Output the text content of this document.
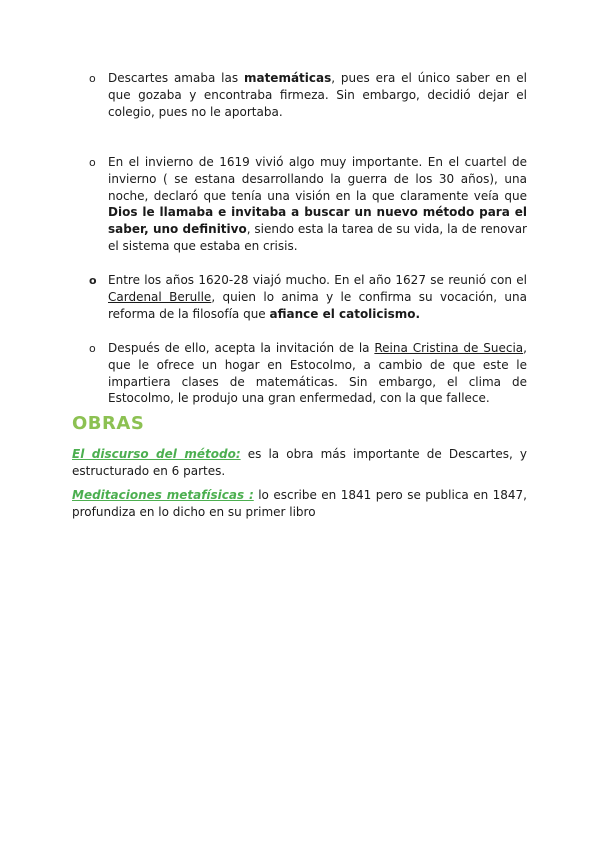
o Descartes amaba las matemáticas, pues era el único saber en el que gozaba y encontraba firmeza. Sin embargo, decidió dejar el colegio, pues no le aportaba.
o En el invierno de 1619 vivió algo muy importante. En el cuartel de invierno ( se estana desarrollando la guerra de los 30 años), una noche, declaró que tenía una visión en la que claramente veía que Dios le llamaba e invitaba a buscar un nuevo método para el saber, uno definitivo, siendo esta la tarea de su vida, la de renovar el sistema que estaba en crisis.
o Entre los años 1620-28 viajó mucho. En el año 1627 se reunió con el Cardenal Berulle, quien lo anima y le confirma su vocación, una reforma de la filosofía que afiance el catolicismo.
o Después de ello, acepta la invitación de la Reina Cristina de Suecia, que le ofrece un hogar en Estocolmo, a cambio de que este le impartiera clases de matemáticas. Sin embargo, el clima de Estocolmo, le produjo una gran enfermedad, con la que fallece.
OBRAS
El discurso del método: es la obra más importante de Descartes, y estructurado en 6 partes.
Meditaciones metafísicas : lo escribe en 1841 pero se publica en 1847, profundiza en lo dicho en su primer libro
